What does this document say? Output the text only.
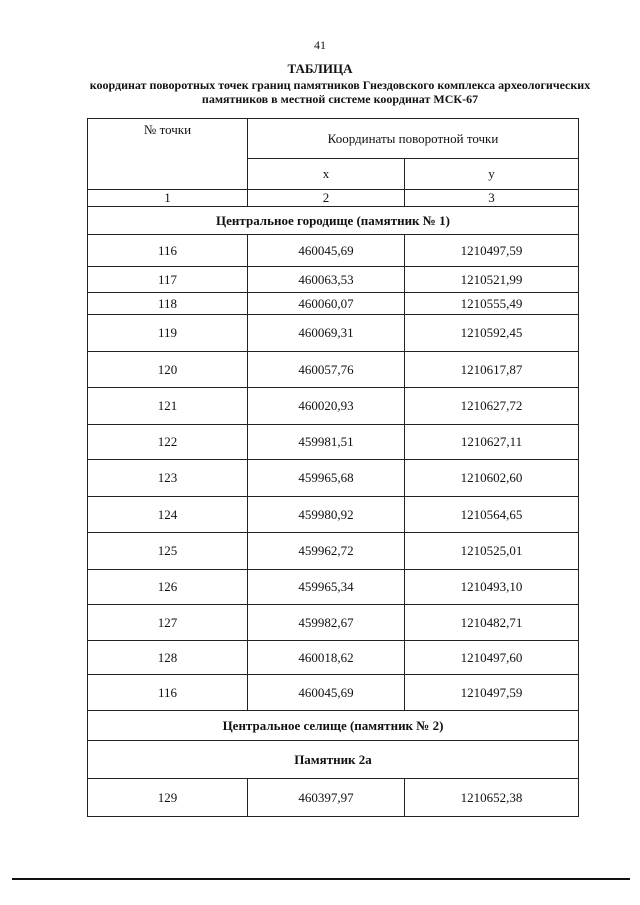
41
ТАБЛИЦА
координат поворотных точек границ памятников Гнездовского комплекса археологических памятников в местной системе координат МСК-67
№ точки	Координаты поворотной точки	
	х	у
1	2	3
Центральное городище (памятник № 1)		
116	460045,69	1210497,59
117	460063,53	1210521,99
118	460060,07	1210555,49
119	460069,31	1210592,45
120	460057,76	1210617,87
121	460020,93	1210627,72
122	459981,51	1210627,11
123	459965,68	1210602,60
124	459980,92	1210564,65
125	459962,72	1210525,01
126	459965,34	1210493,10
127	459982,67	1210482,71
128	460018,62	1210497,60
116	460045,69	1210497,59
Центральное селище (памятник № 2)		
Памятник 2а		
129	460397,97	1210652,38
